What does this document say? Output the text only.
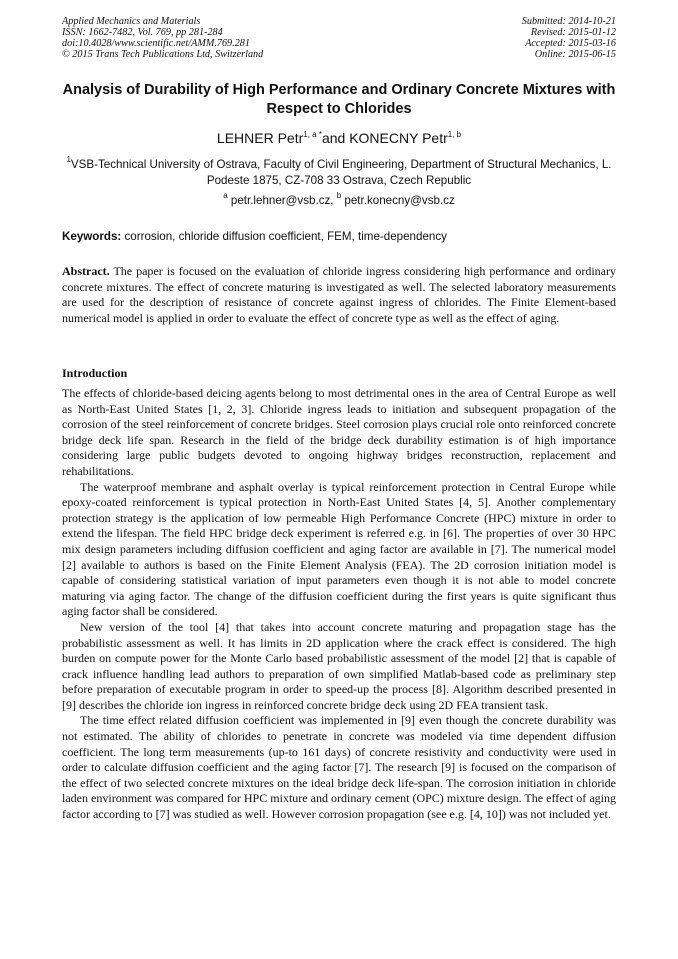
Applied Mechanics and Materials
ISSN: 1662-7482, Vol. 769, pp 281-284
doi:10.4028/www.scientific.net/AMM.769.281
© 2015 Trans Tech Publications Ltd, Switzerland
Submitted: 2014-10-21
Revised: 2015-01-12
Accepted: 2015-03-16
Online: 2015-06-15
Analysis of Durability of High Performance and Ordinary Concrete Mixtures with Respect to Chlorides
LEHNER Petr$^{1, a *}$and KONECNY Petr$^{1, b}$
$^1$VSB-Technical University of Ostrava, Faculty of Civil Engineering, Department of Structural Mechanics, L. Podeste 1875, CZ-708 33 Ostrava, Czech Republic
$^a$ petr.lehner@vsb.cz, $^b$ petr.konecny@vsb.cz
Keywords: corrosion, chloride diffusion coefficient, FEM, time-dependency
Abstract. The paper is focused on the evaluation of chloride ingress considering high performance and ordinary concrete mixtures. The effect of concrete maturing is investigated as well. The selected laboratory measurements are used for the description of resistance of concrete against ingress of chlorides. The Finite Element-based numerical model is applied in order to evaluate the effect of concrete type as well as the effect of aging.
Introduction

The effects of chloride-based deicing agents belong to most detrimental ones in the area of Central Europe as well as North-East United States [1, 2, 3]. Chloride ingress leads to initiation and subsequent propagation of the corrosion of the steel reinforcement of concrete bridges. Steel corrosion plays crucial role onto reinforced concrete bridge deck life span. Research in the field of the bridge deck durability estimation is of high importance considering large public budgets devoted to ongoing highway bridges reconstruction, replacement and rehabilitations.

The waterproof membrane and asphalt overlay is typical reinforcement protection in Central Europe while epoxy-coated reinforcement is typical protection in North-East United States [4, 5]. Another complementary protection strategy is the application of low permeable High Performance Concrete (HPC) mixture in order to extend the lifespan. The field HPC bridge deck experiment is referred e.g. in [6]. The properties of over 30 HPC mix design parameters including diffusion coefficient and aging factor are available in [7]. The numerical model [2] available to authors is based on the Finite Element Analysis (FEA). The 2D corrosion initiation model is capable of considering statistical variation of input parameters even though it is not able to model concrete maturing via aging factor. The change of the diffusion coefficient during the first years is quite significant thus aging factor shall be considered.

New version of the tool [4] that takes into account concrete maturing and propagation stage has the probabilistic assessment as well. It has limits in 2D application where the crack effect is considered. The high burden on compute power for the Monte Carlo based probabilistic assessment of the model [2] that is capable of crack influence handling lead authors to preparation of own simplified Matlab-based code as preliminary step before preparation of executable program in order to speed-up the process [8]. Algorithm described presented in [9] describes the chloride ion ingress in reinforced concrete bridge deck using 2D FEA transient task.

The time effect related diffusion coefficient was implemented in [9] even though the concrete durability was not estimated. The ability of chlorides to penetrate in concrete was modeled via time dependent diffusion coefficient. The long term measurements (up-to 161 days) of concrete resistivity and conductivity were used in order to calculate diffusion coefficient and the aging factor [7]. The research [9] is focused on the comparison of the effect of two selected concrete mixtures on the ideal bridge deck life-span. The corrosion initiation in chloride laden environment was compared for HPC mixture and ordinary cement (OPC) mixture design. The effect of aging factor according to [7] was studied as well. However corrosion propagation (see e.g. [4, 10]) was not included yet.
